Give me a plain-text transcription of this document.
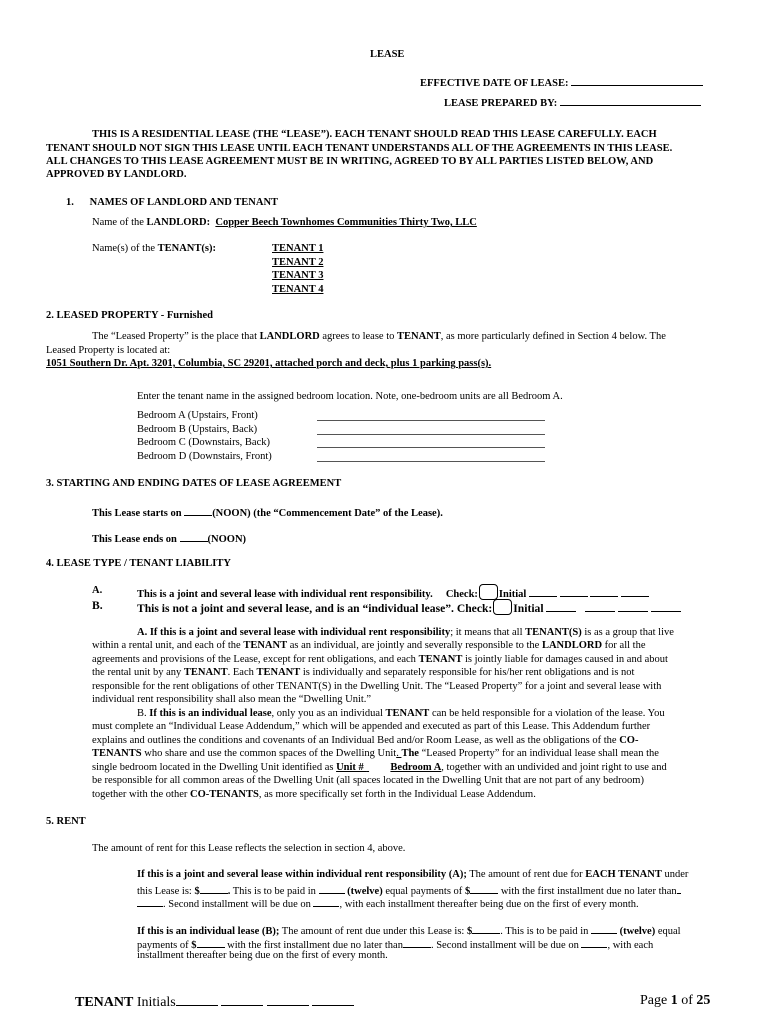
LEASE
EFFECTIVE DATE OF LEASE:
LEASE PREPARED BY:
THIS IS A RESIDENTIAL LEASE (THE “LEASE”). EACH TENANT SHOULD READ THIS LEASE CAREFULLY. EACH
TENANT SHOULD NOT SIGN THIS LEASE UNTIL EACH TENANT UNDERSTANDS ALL OF THE AGREEMENTS IN THIS LEASE.
ALL CHANGES TO THIS LEASE AGREEMENT MUST BE IN WRITING, AGREED TO BY ALL PARTIES LISTED BELOW, AND
APPROVED BY LANDLORD.
1.      NAMES OF LANDLORD AND TENANT
Name of the LANDLORD: Copper Beech Townhomes Communities Thirty Two, LLC
Name(s) of the TENANT(s):	TENANT 1
TENANT 2
TENANT 3
TENANT 4
2. LEASED PROPERTY - Furnished
The “Leased Property” is the place that LANDLORD agrees to lease to TENANT, as more particularly defined in Section 4 below. The
Leased Property is located at:
1051 Southern Dr. Apt. 3201, Columbia, SC 29201, attached porch and deck, plus 1 parking pass(s).
Enter the tenant name in the assigned bedroom location. Note, one-bedroom units are all Bedroom A.
Bedroom A (Upstairs, Front)
Bedroom B (Upstairs, Back)
Bedroom C (Downstairs, Back)
Bedroom D (Downstairs, Front)
3. STARTING AND ENDING DATES OF LEASE AGREEMENT
This Lease starts on	(NOON) (the “Commencement Date” of the Lease).
This Lease ends on	(NOON)
4. LEASE TYPE / TENANT LIABILITY
A.	This is a joint and several lease with individual rent responsibility. Check: Initial
B.	This is not a joint and several lease, and is an “individual lease”. Check: Initial
A. If this is a joint and several lease with individual rent responsibility; it means that all TENANT(S) is as a group that live
within a rental unit, and each of the TENANT as an individual, are jointly and severally responsible to the LANDLORD for all the
agreements and provisions of the Lease, except for rent obligations, and each TENANT is jointly liable for damages caused in and about
the rental unit by any TENANT. Each TENANT is individually and separately responsible for his/her rent obligations and is not
responsible for the rent obligations of other TENANT(S) in the Dwelling Unit. The “Leased Property” for a joint and several lease with
individual rent responsibility shall also mean the “Dwelling Unit.”
B. If this is an individual lease, only you as an individual TENANT can be held responsible for a violation of the lease. You
must complete an “Individual Lease Addendum,” which will be appended and executed as part of this Lease. This Addendum further
explains and outlines the conditions and covenants of an Individual Bed and/or Room Lease, as well as the obligations of the CO-
TENANTS who share and use the common spaces of the Dwelling Unit. The “Leased Property” for an individual lease shall mean the
single bedroom located in the Dwelling Unit identified as Unit #  Bedroom A, together with an undivided and joint right to use and
be responsible for all common areas of the Dwelling Unit (all spaces located in the Dwelling Unit that are not part of any bedroom)
together with the other CO-TENANTS, as more specifically set forth in the Individual Lease Addendum.
5. RENT
The amount of rent for this Lease reflects the selection in section 4, above.
If this is a joint and several lease within individual rent responsibility (A); The amount of rent due for EACH TENANT under
this Lease is: $	. This is to be paid in  (twelve) equal payments of $	with the first installment due no later than
. Second installment will be due on , with each installment thereafter being due on the first of every month.
If this is an individual lease (B); The amount of rent due under this Lease is: $	. This is to be paid in  (twelve) equal
payments of $	with the first installment due no later than	. Second installment will be due on , with each
installment thereafter being due on the first of every month.
TENANT Initials	Page 1 of 25
